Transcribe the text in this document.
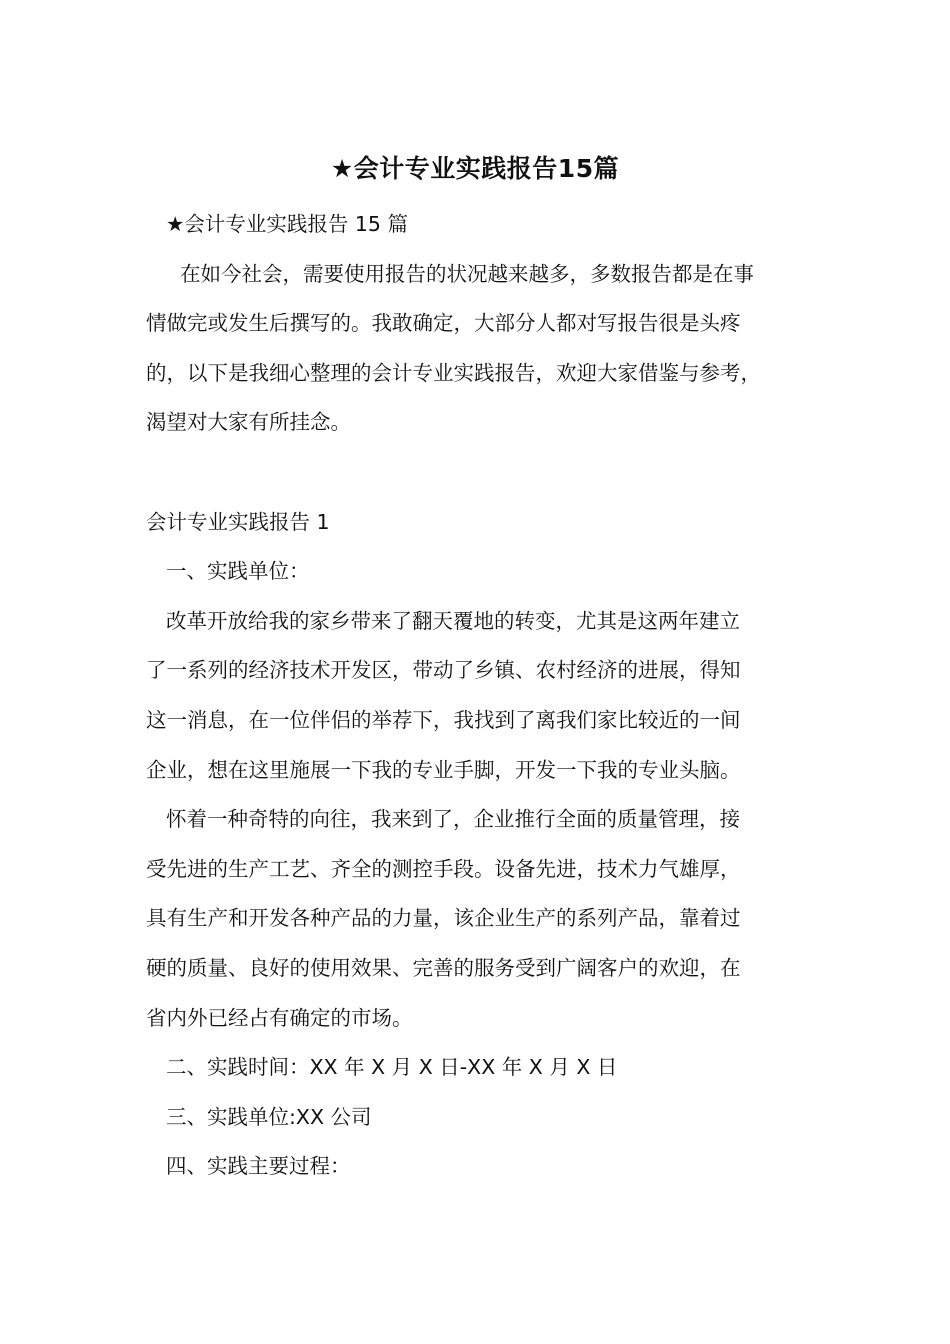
★会计专业实践报告15篇
★会计专业实践报告 15 篇
在如今社会，需要使用报告的状况越来越多，多数报告都是在事
情做完或发生后撰写的。我敢确定，大部分人都对写报告很是头疼
的，以下是我细心整理的会计专业实践报告，欢迎大家借鉴与参考，
渴望对大家有所挂念。
会计专业实践报告 1
一、实践单位：
改革开放给我的家乡带来了翻天覆地的转变，尤其是这两年建立
了一系列的经济技术开发区，带动了乡镇、农村经济的进展，得知
这一消息，在一位伴侣的举荐下，我找到了离我们家比较近的一间
企业，想在这里施展一下我的专业手脚，开发一下我的专业头脑。
怀着一种奇特的向往，我来到了，企业推行全面的质量管理，接
受先进的生产工艺、齐全的测控手段。设备先进，技术力气雄厚，
具有生产和开发各种产品的力量，该企业生产的系列产品，靠着过
硬的质量、良好的使用效果、完善的服务受到广阔客户的欢迎，在
省内外已经占有确定的市场。
二、实践时间：XX 年 X 月 X 日-XX 年 X 月 X 日
三、实践单位:XX 公司
四、实践主要过程：
